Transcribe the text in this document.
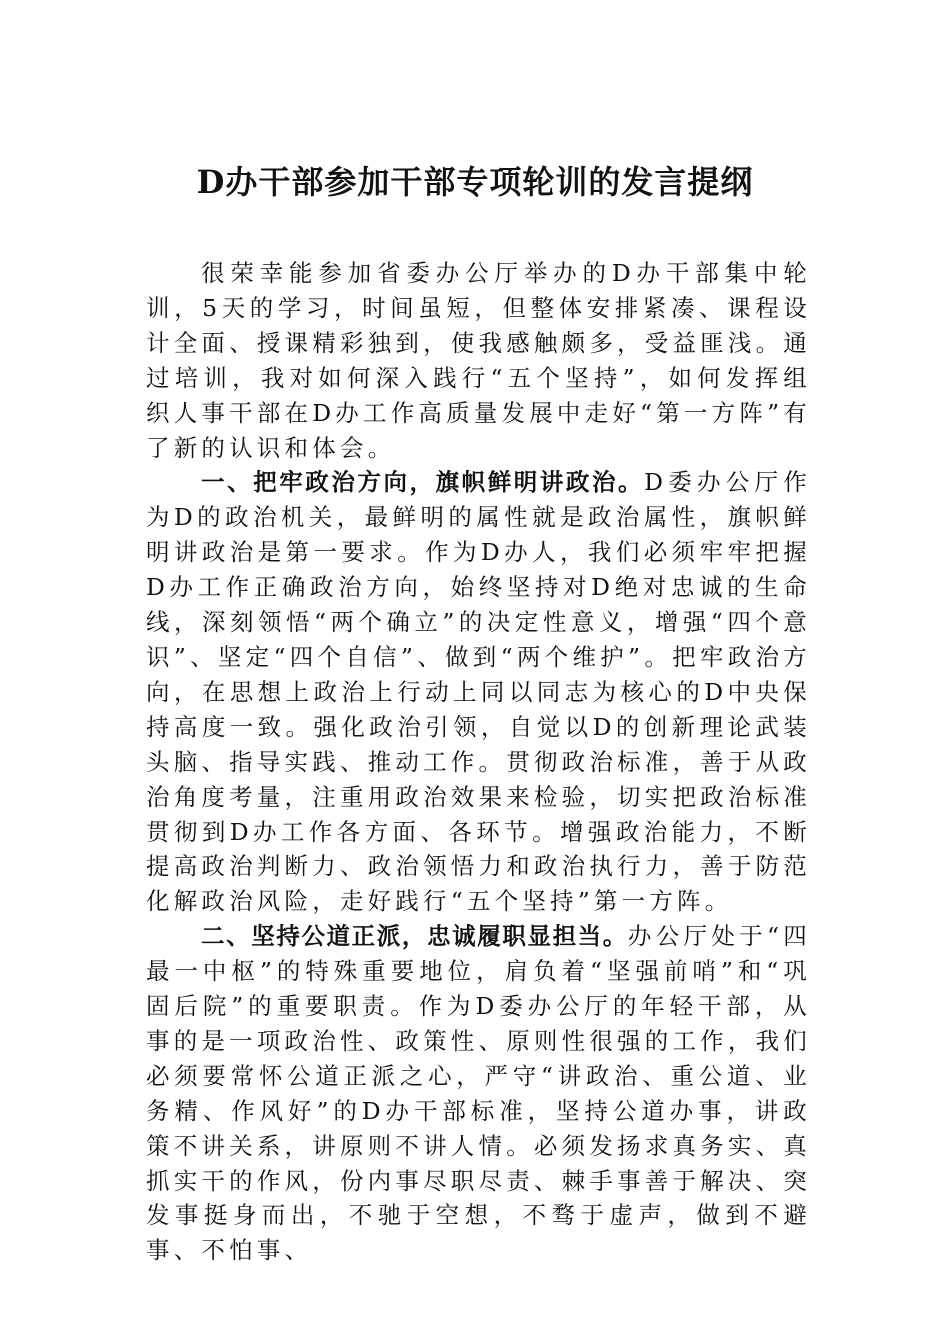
D办干部参加干部专项轮训的发言提纲

很荣幸能参加省委办公厅举办的D办干部集中轮训，5天的学习，时间虽短，但整体安排紧凑、课程设计全面、授课精彩独到，使我感触颇多，受益匪浅。通过培训，我对如何深入践行“五个坚持”，如何发挥组织人事干部在D办工作高质量发展中走好“第一方阵”有了新的认识和体会。

一、把牢政治方向，旗帜鲜明讲政治。D委办公厅作为D的政治机关，最鲜明的属性就是政治属性，旗帜鲜明讲政治是第一要求。作为D办人，我们必须牢牢把握D办工作正确政治方向，始终坚持对D绝对忠诚的生命线，深刻领悟“两个确立”的决定性意义，增强“四个意识”、坚定“四个自信”、做到“两个维护”。把牢政治方向，在思想上政治上行动上同以同志为核心的D中央保持高度一致。强化政治引领，自觉以D的创新理论武装头脑、指导实践、推动工作。贯彻政治标准，善于从政治角度考量，注重用政治效果来检验，切实把政治标准贯彻到D办工作各方面、各环节。增强政治能力，不断提高政治判断力、政治领悟力和政治执行力，善于防范化解政治风险，走好践行“五个坚持”第一方阵。

二、坚持公道正派，忠诚履职显担当。办公厅处于“四最一中枢”的特殊重要地位，肩负着“坚强前哨”和“巩固后院”的重要职责。作为D委办公厅的年轻干部，从事的是一项政治性、政策性、原则性很强的工作，我们必须要常怀公道正派之心，严守“讲政治、重公道、业务精、作风好”的D办干部标准，坚持公道办事，讲政策不讲关系，讲原则不讲人情。必须发扬求真务实、真抓实干的作风，份内事尽职尽责、棘手事善于解决、突发事挺身而出，不驰于空想，不骛于虚声，做到不避事、不怕事、
